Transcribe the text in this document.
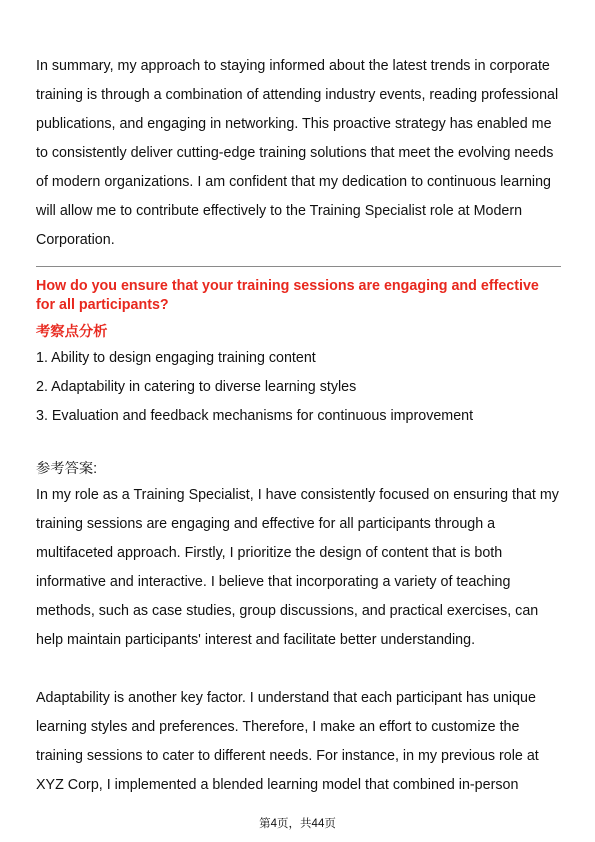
In summary, my approach to staying informed about the latest trends in corporate training is through a combination of attending industry events, reading professional publications, and engaging in networking. This proactive strategy has enabled me to consistently deliver cutting-edge training solutions that meet the evolving needs of modern organizations. I am confident that my dedication to continuous learning will allow me to contribute effectively to the Training Specialist role at Modern Corporation.

How do you ensure that your training sessions are engaging and effective for all participants?
考察点分析
1. Ability to design engaging training content
2. Adaptability in catering to diverse learning styles
3. Evaluation and feedback mechanisms for continuous improvement
参考答案:

In my role as a Training Specialist, I have consistently focused on ensuring that my training sessions are engaging and effective for all participants through a multifaceted approach. Firstly, I prioritize the design of content that is both informative and interactive. I believe that incorporating a variety of teaching methods, such as case studies, group discussions, and practical exercises, can help maintain participants' interest and facilitate better understanding.

Adaptability is another key factor. I understand that each participant has unique learning styles and preferences. Therefore, I make an effort to customize the training sessions to cater to different needs. For instance, in my previous role at XYZ Corp, I implemented a blended learning model that combined in-person

第4页，共44页
